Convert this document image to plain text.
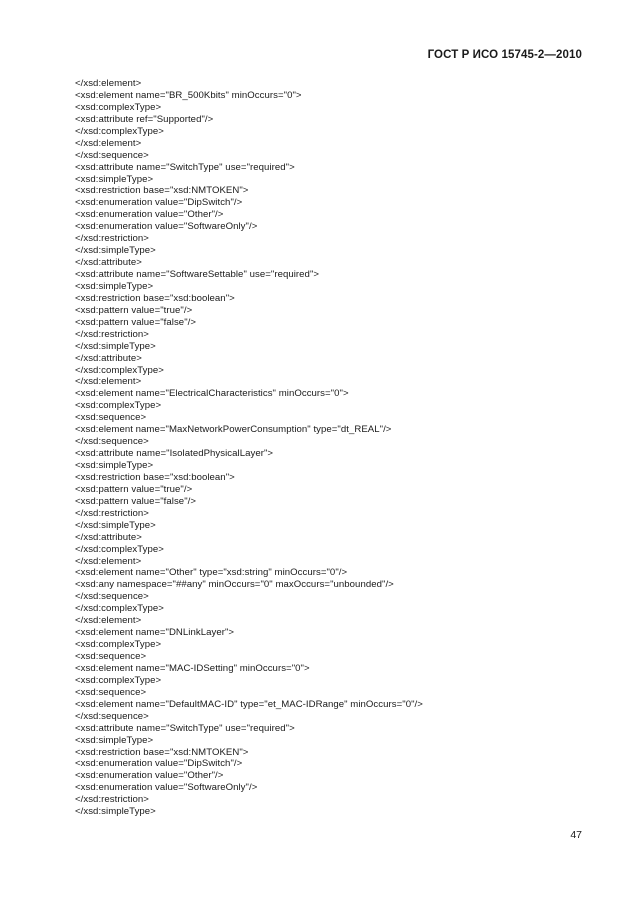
ГОСТ Р ИСО 15745-2—2010
</xsd:element>
<xsd:element name="BR_500Kbits" minOccurs="0">
<xsd:complexType>
<xsd:attribute ref="Supported"/>
</xsd:complexType>
</xsd:element>
</xsd:sequence>
<xsd:attribute name="SwitchType" use="required">
<xsd:simpleType>
<xsd:restriction base="xsd:NMTOKEN">
<xsd:enumeration value="DipSwitch"/>
<xsd:enumeration value="Other"/>
<xsd:enumeration value="SoftwareOnly"/>
</xsd:restriction>
</xsd:simpleType>
</xsd:attribute>
<xsd:attribute name="SoftwareSettable" use="required">
<xsd:simpleType>
<xsd:restriction base="xsd:boolean">
<xsd:pattern value="true"/>
<xsd:pattern value="false"/>
</xsd:restriction>
</xsd:simpleType>
</xsd:attribute>
</xsd:complexType>
</xsd:element>
<xsd:element name="ElectricalCharacteristics" minOccurs="0">
<xsd:complexType>
<xsd:sequence>
<xsd:element name="MaxNetworkPowerConsumption" type="dt_REAL"/>
</xsd:sequence>
<xsd:attribute name="IsolatedPhysicalLayer">
<xsd:simpleType>
<xsd:restriction base="xsd:boolean">
<xsd:pattern value="true"/>
<xsd:pattern value="false"/>
</xsd:restriction>
</xsd:simpleType>
</xsd:attribute>
</xsd:complexType>
</xsd:element>
<xsd:element name="Other" type="xsd:string" minOccurs="0"/>
<xsd:any namespace="##any" minOccurs="0" maxOccurs="unbounded"/>
</xsd:sequence>
</xsd:complexType>
</xsd:element>
<xsd:element name="DNLinkLayer">
<xsd:complexType>
<xsd:sequence>
<xsd:element name="MAC-IDSetting" minOccurs="0">
<xsd:complexType>
<xsd:sequence>
<xsd:element name="DefaultMAC-ID" type="et_MAC-IDRange" minOccurs="0"/>
</xsd:sequence>
<xsd:attribute name="SwitchType" use="required">
<xsd:simpleType>
<xsd:restriction base="xsd:NMTOKEN">
<xsd:enumeration value="DipSwitch"/>
<xsd:enumeration value="Other"/>
<xsd:enumeration value="SoftwareOnly"/>
</xsd:restriction>
</xsd:simpleType>
47
